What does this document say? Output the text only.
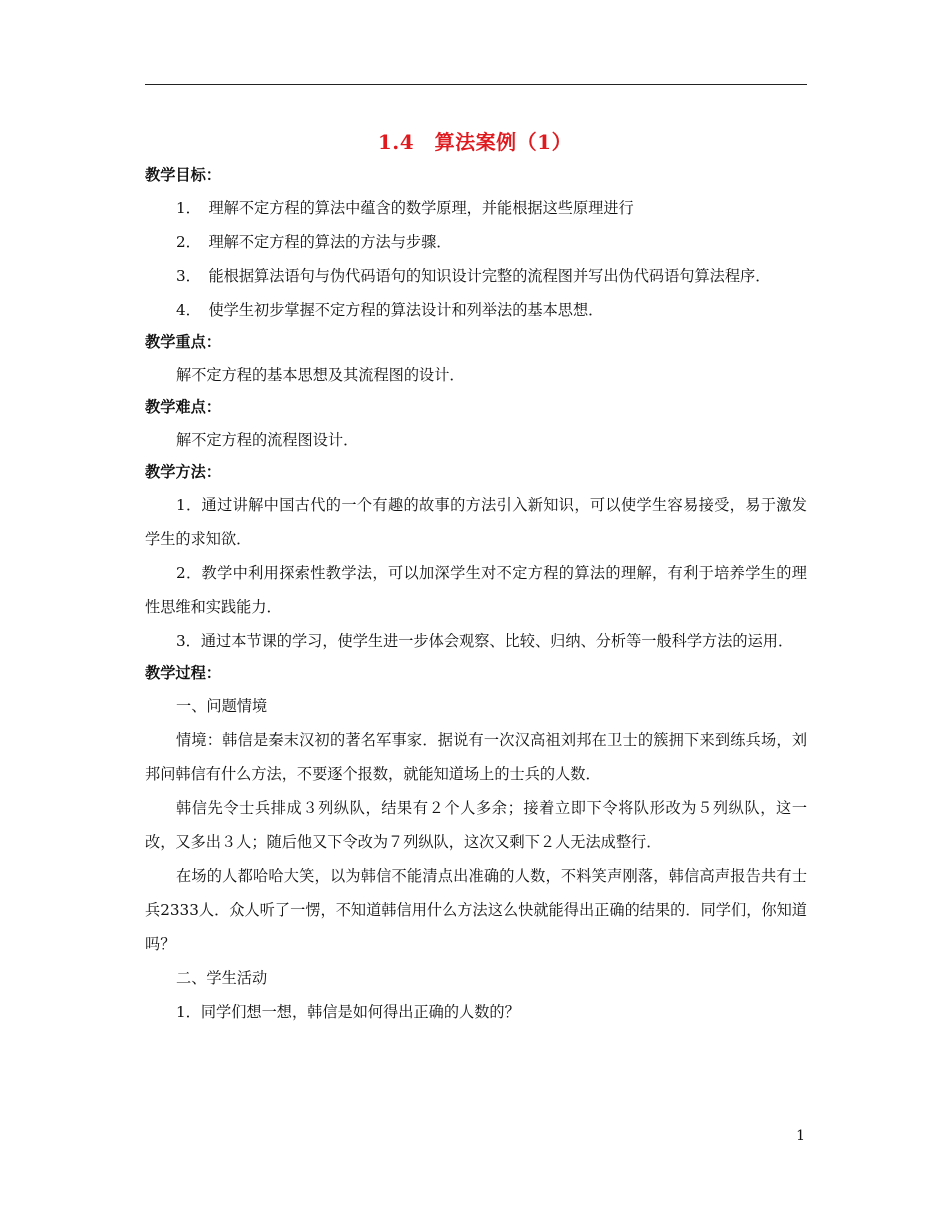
1.4　算法案例（1）
教学目标：
1．　理解不定方程的算法中蕴含的数学原理，并能根据这些原理进行
2．　理解不定方程的算法的方法与步骤．
3．　能根据算法语句与伪代码语句的知识设计完整的流程图并写出伪代码语句算法程序．
4．　使学生初步掌握不定方程的算法设计和列举法的基本思想．
教学重点：
解不定方程的基本思想及其流程图的设计．
教学难点：
解不定方程的流程图设计．
教学方法：
1．通过讲解中国古代的一个有趣的故事的方法引入新知识，可以使学生容易接受，易于激发学生的求知欲．
2．教学中利用探索性教学法，可以加深学生对不定方程的算法的理解，有利于培养学生的理性思维和实践能力．
3．通过本节课的学习，使学生进一步体会观察、比较、归纳、分析等一般科学方法的运用．
教学过程：
一、问题情境
情境：韩信是秦末汉初的著名军事家．据说有一次汉高祖刘邦在卫士的簇拥下来到练兵场，刘邦问韩信有什么方法，不要逐个报数，就能知道场上的士兵的人数．
韩信先令士兵排成３列纵队，结果有２个人多余；接着立即下令将队形改为５列纵队，这一改，又多出３人；随后他又下令改为７列纵队，这次又剩下２人无法成整行．
在场的人都哈哈大笑，以为韩信不能清点出准确的人数，不料笑声刚落，韩信高声报告共有士兵2333人．众人听了一愣，不知道韩信用什么方法这么快就能得出正确的结果的．同学们，你知道吗？
二、学生活动
1．同学们想一想，韩信是如何得出正确的人数的？
1
